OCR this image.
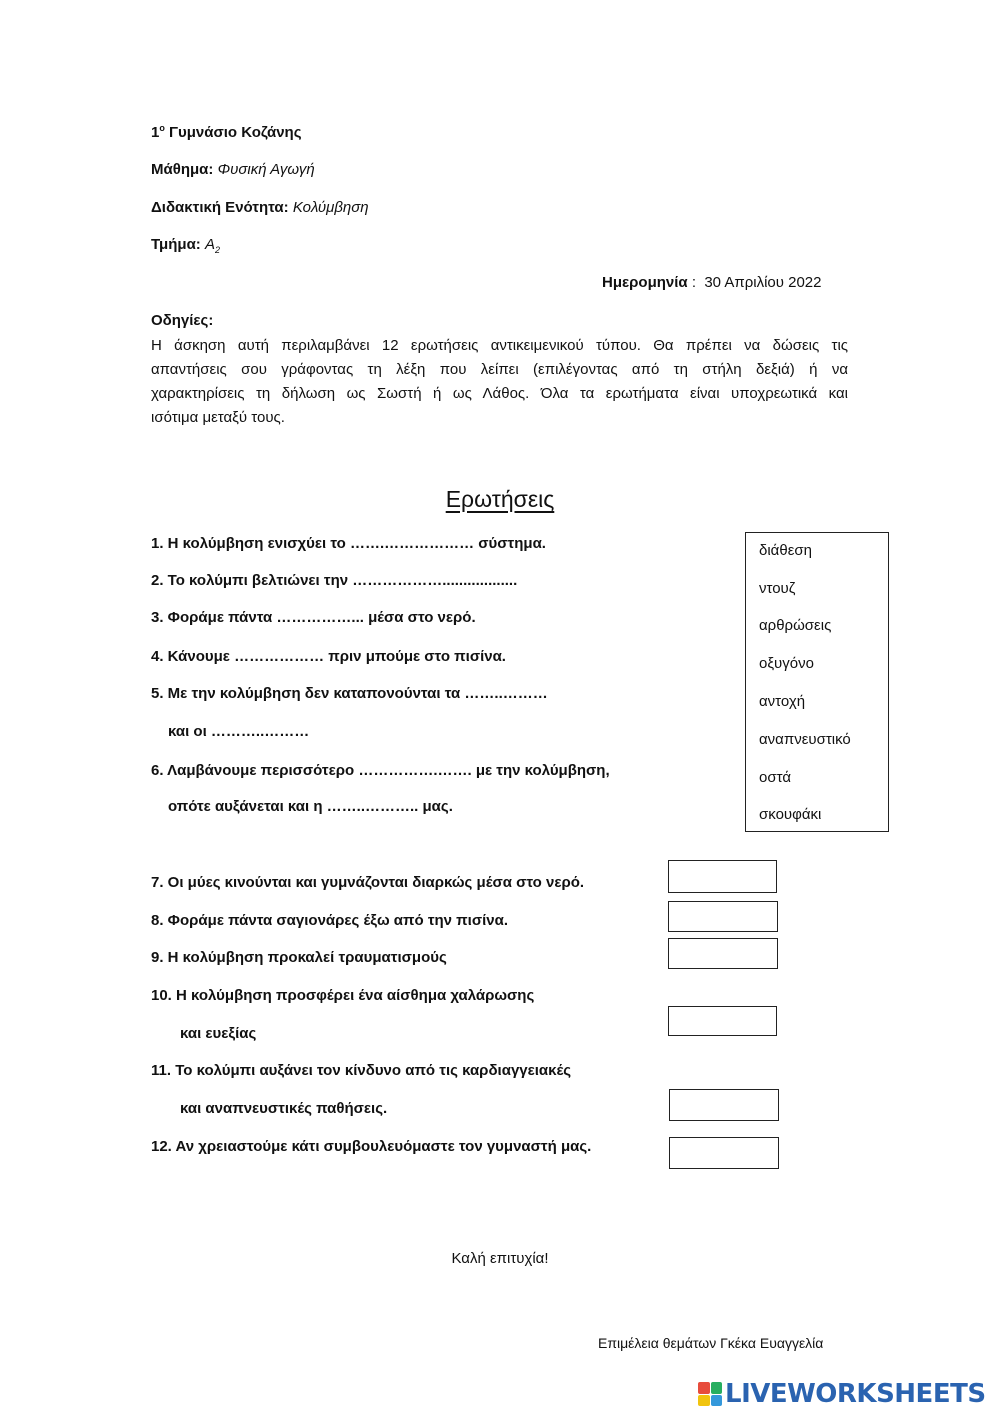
$1^o$ Γυμνάσιο Κοζάνης
Μάθημα: Φυσική Αγωγή
Διδακτική Ενότητα: Κολύμβηση
Τμήμα: $A_2$
Ημερομηνία :  30 Απριλίου 2022
Οδηγίες:
Η άσκηση αυτή περιλαμβάνει 12 ερωτήσεις αντικειμενικού τύπου. Θα πρέπει να δώσεις τις
απαντήσεις σου γράφοντας τη λέξη που λείπει (επιλέγοντας από τη στήλη δεξιά) ή να
χαρακτηρίσεις τη δήλωση ως Σωστή ή ως Λάθος. Όλα τα ερωτήματα είναι υποχρεωτικά και
ισότιμα μεταξύ τους.
Ερωτήσεις
1. Η κολύμβηση ενισχύει το …….……………… σύστημα.
2. Το κολύμπι βελτιώνει την ………………..................
3. Φοράμε πάντα ……………... μέσα στο νερό.
4. Κάνουμε ……………… πριν μπούμε στο πισίνα.
5. Με την κολύμβηση δεν καταπονούνται τα ……..………
και οι ………..………
6. Λαμβάνουμε περισσότερο …………….……. με την κολύμβηση,
οπότε αυξάνεται και η ……..……….. μας.
διάθεση
ντουζ
αρθρώσεις
οξυγόνο
αντοχή
αναπνευστικό
οστά
σκουφάκι
7. Οι μύες κινούνται και γυμνάζονται διαρκώς μέσα στο νερό.
8. Φοράμε πάντα σαγιονάρες έξω από την πισίνα.
9. Η κολύμβηση προκαλεί τραυματισμούς
10. Η κολύμβηση προσφέρει ένα αίσθημα χαλάρωσης
και ευεξίας
11. Το κολύμπι αυξάνει τον κίνδυνο από τις καρδιαγγειακές
και αναπνευστικές παθήσεις.
12. Αν χρειαστούμε κάτι συμβουλευόμαστε τον γυμναστή μας.
Καλή επιτυχία!
Επιμέλεια θεμάτων Γκέκα Ευαγγελία
LIVEWORKSHEETS
